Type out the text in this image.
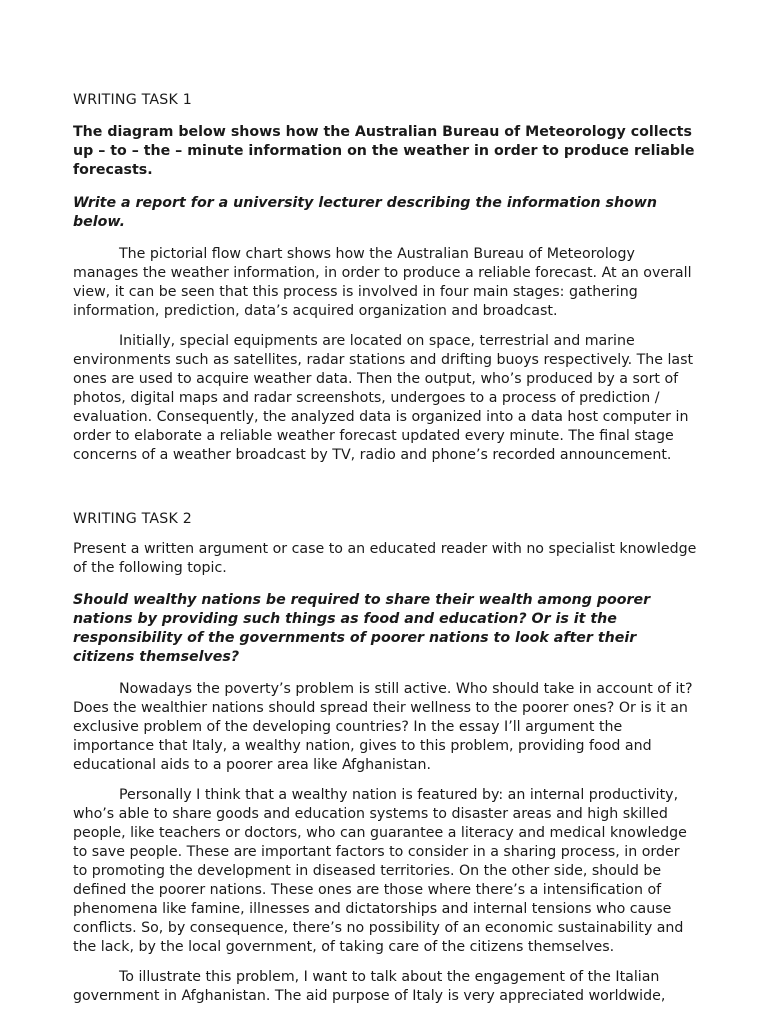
WRITING TASK 1

The diagram below shows how the Australian Bureau of Meteorology collects up – to – the – minute information on the weather in order to produce reliable forecasts.

Write a report for a university lecturer describing the information shown below.

The pictorial flow chart shows how the Australian Bureau of Meteorology manages the weather information, in order to produce a reliable forecast. At an overall view, it can be seen that this process is involved in four main stages: gathering information, prediction, data’s acquired organization and broadcast.

Initially, special equipments are located on space, terrestrial and marine environments such as satellites, radar stations and drifting buoys respectively. The last ones are used to acquire weather data. Then the output, who’s produced by a sort of photos, digital maps and radar screenshots, undergoes to a process of prediction / evaluation. Consequently, the analyzed data is organized into a data host computer in order to elaborate a reliable weather forecast updated every minute. The final stage concerns of a weather broadcast by TV, radio and phone’s recorded announcement.

WRITING TASK 2

Present a written argument or case to an educated reader with no specialist knowledge of the following topic.

Should wealthy nations be required to share their wealth among poorer nations by providing such things as food and education? Or is it the responsibility of the governments of poorer nations to look after their citizens themselves?

Nowadays the poverty’s problem is still active. Who should take in account of it? Does the wealthier nations should spread their wellness to the poorer ones? Or is it an exclusive problem of the developing countries? In the essay I’ll argument the importance that Italy, a wealthy nation, gives to this problem, providing food and educational aids to a poorer area like Afghanistan.

Personally I think that a wealthy nation is featured by: an internal productivity, who’s able to share goods and education systems to disaster areas and high skilled people, like teachers or doctors, who can guarantee a literacy and medical knowledge to save people. These are important factors to consider in a sharing process, in order to promoting the development in diseased territories. On the other side, should be defined the poorer nations. These ones are those where there’s a intensification of phenomena like famine, illnesses and dictatorships and internal tensions who cause conflicts. So, by consequence, there’s no possibility of an economic sustainability and the lack, by the local government, of taking care of the citizens themselves.

To illustrate this problem, I want to talk about the engagement of the Italian government in Afghanistan. The aid purpose of Italy is very appreciated worldwide,
